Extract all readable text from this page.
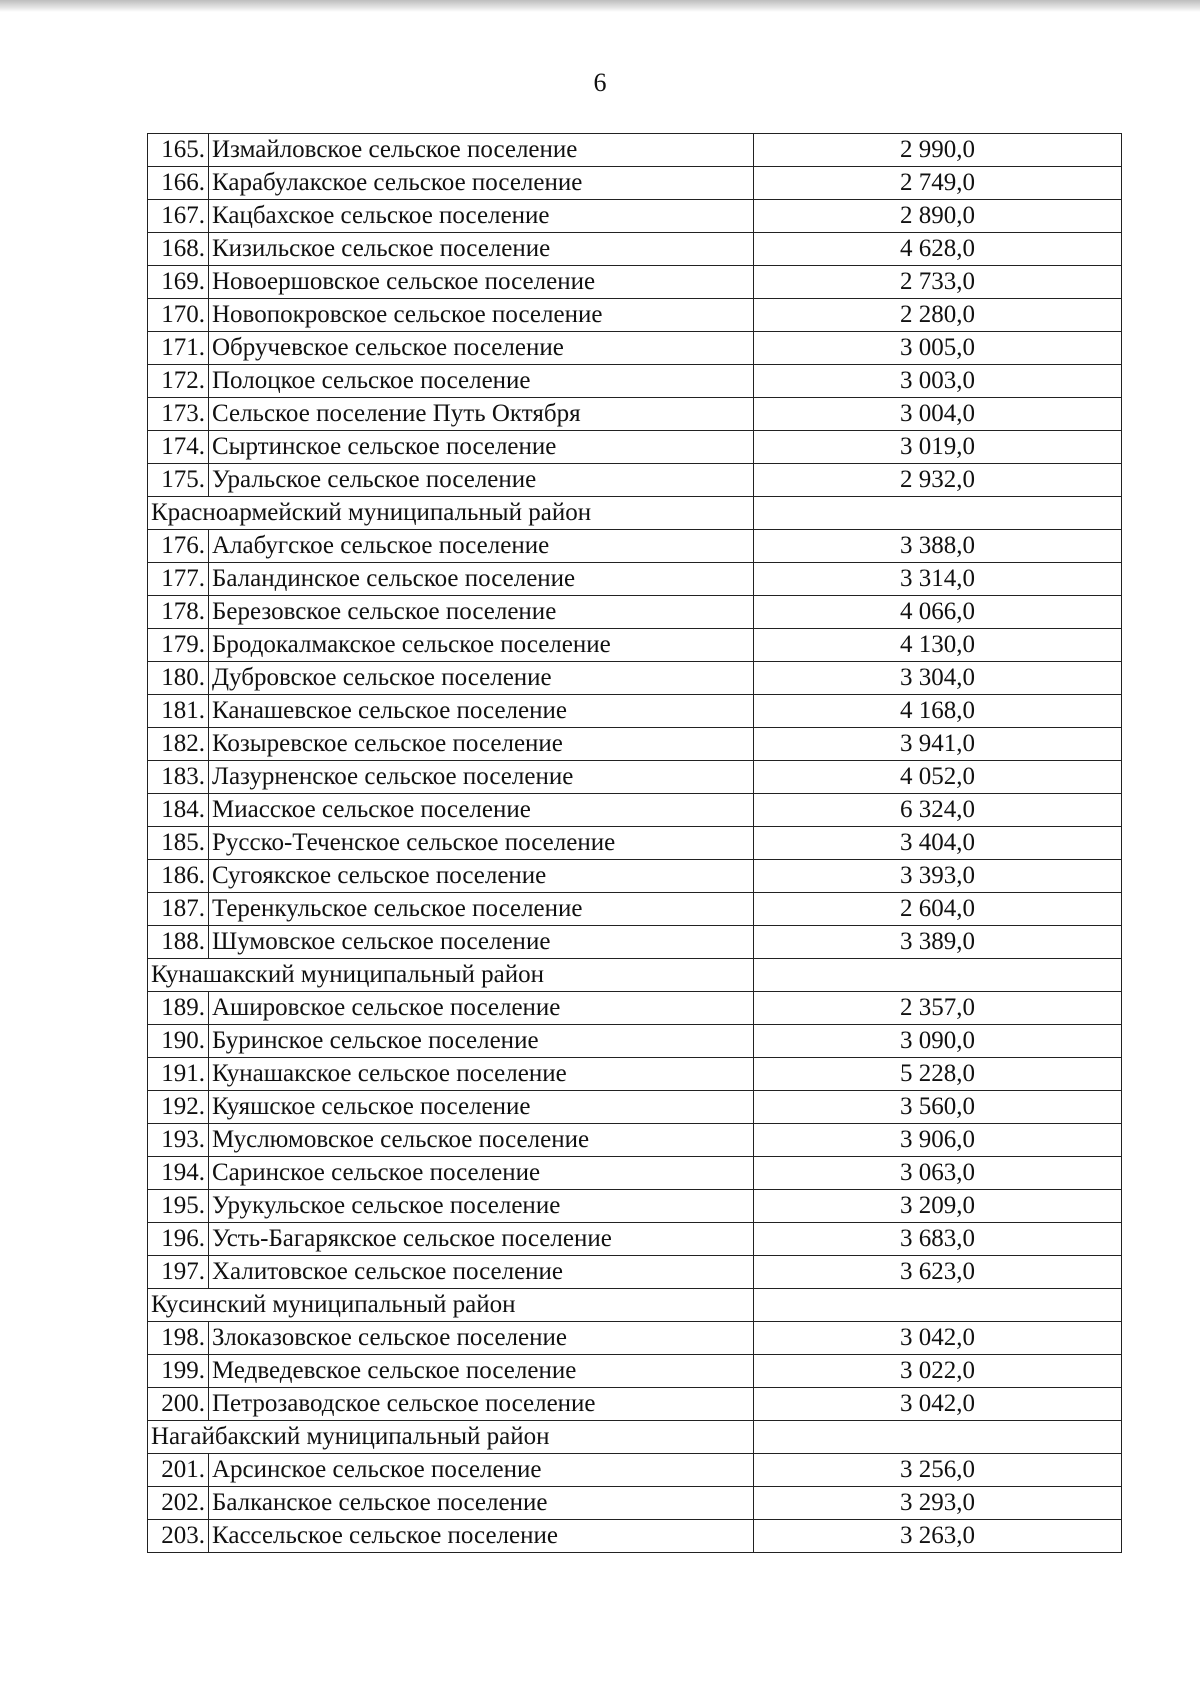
6
165.	Измайловское сельское поселение	2 990,0
166.	Карабулакское сельское поселение	2 749,0
167.	Кацбахское сельское поселение	2 890,0
168.	Кизильское сельское поселение	4 628,0
169.	Новоершовское сельское поселение	2 733,0
170.	Новопокровское сельское поселение	2 280,0
171.	Обручевское сельское поселение	3 005,0
172.	Полоцкое сельское поселение	3 003,0
173.	Сельское поселение Путь Октября	3 004,0
174.	Сыртинское сельское поселение	3 019,0
175.	Уральское сельское поселение	2 932,0
Красноармейский муниципальный район		
176.	Алабугское сельское поселение	3 388,0
177.	Баландинское сельское поселение	3 314,0
178.	Березовское сельское поселение	4 066,0
179.	Бродокалмакское сельское поселение	4 130,0
180.	Дубровское сельское поселение	3 304,0
181.	Канашевское сельское поселение	4 168,0
182.	Козыревское сельское поселение	3 941,0
183.	Лазурненское сельское поселение	4 052,0
184.	Миасское сельское поселение	6 324,0
185.	Русско-Теченское сельское поселение	3 404,0
186.	Сугоякское сельское поселение	3 393,0
187.	Теренкульское сельское поселение	2 604,0
188.	Шумовское сельское поселение	3 389,0
Кунашакский муниципальный район		
189.	Ашировское сельское поселение	2 357,0
190.	Буринское сельское поселение	3 090,0
191.	Кунашакское сельское поселение	5 228,0
192.	Куяшское сельское поселение	3 560,0
193.	Муслюмовское сельское поселение	3 906,0
194.	Саринское сельское поселение	3 063,0
195.	Урукульское сельское поселение	3 209,0
196.	Усть-Багарякское сельское поселение	3 683,0
197.	Халитовское сельское поселение	3 623,0
Кусинский муниципальный район		
198.	Злоказовское сельское поселение	3 042,0
199.	Медведевское сельское поселение	3 022,0
200.	Петрозаводское сельское поселение	3 042,0
Нагайбакский муниципальный район		
201.	Арсинское сельское поселение	3 256,0
202.	Балканское сельское поселение	3 293,0
203.	Кассельское сельское поселение	3 263,0
